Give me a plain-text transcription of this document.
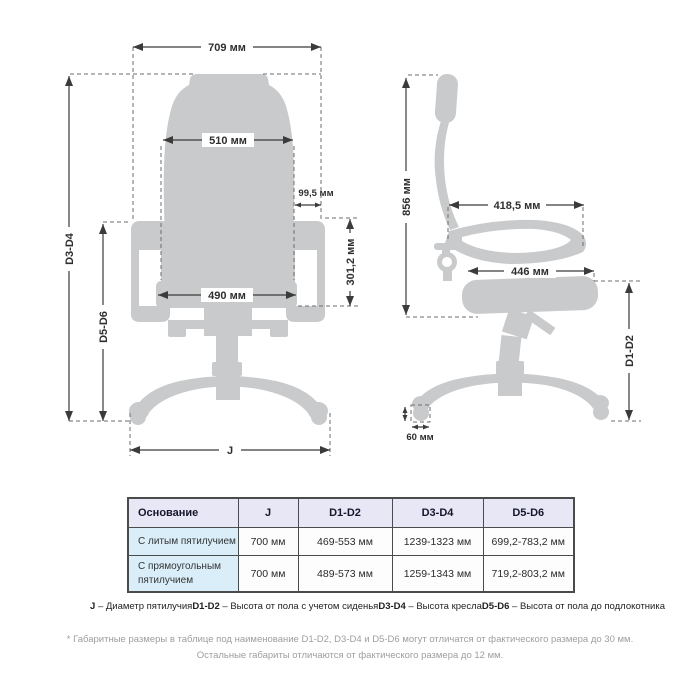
709 мм
510 мм
99,5 мм
490 мм
301,2 мм
D3-D4
D5-D6
J
856 мм	418,5 мм
446 мм
D1-D2
60 мм
Основание	J	D1-D2	D3-D4	D5-D6
С литым пятилучием	700 мм	469-553 мм	1239-1323 мм	699,2-783,2 мм
С прямоугольным пятилучием	700 мм	489-573 мм	1259-1343 мм	719,2-803,2 мм
J – Диаметр пятилучия D1-D2 – Высота от пола с учетом сиденья D3-D4 – Высота кресла D5-D6 – Высота от пола до подлокотника
* Габаритные размеры в таблице под наименование D1-D2, D3-D4 и D5-D6 могут отличатся от фактического размера до 30 мм.
Остальные габариты отличаются от фактического размера до 12 мм.
